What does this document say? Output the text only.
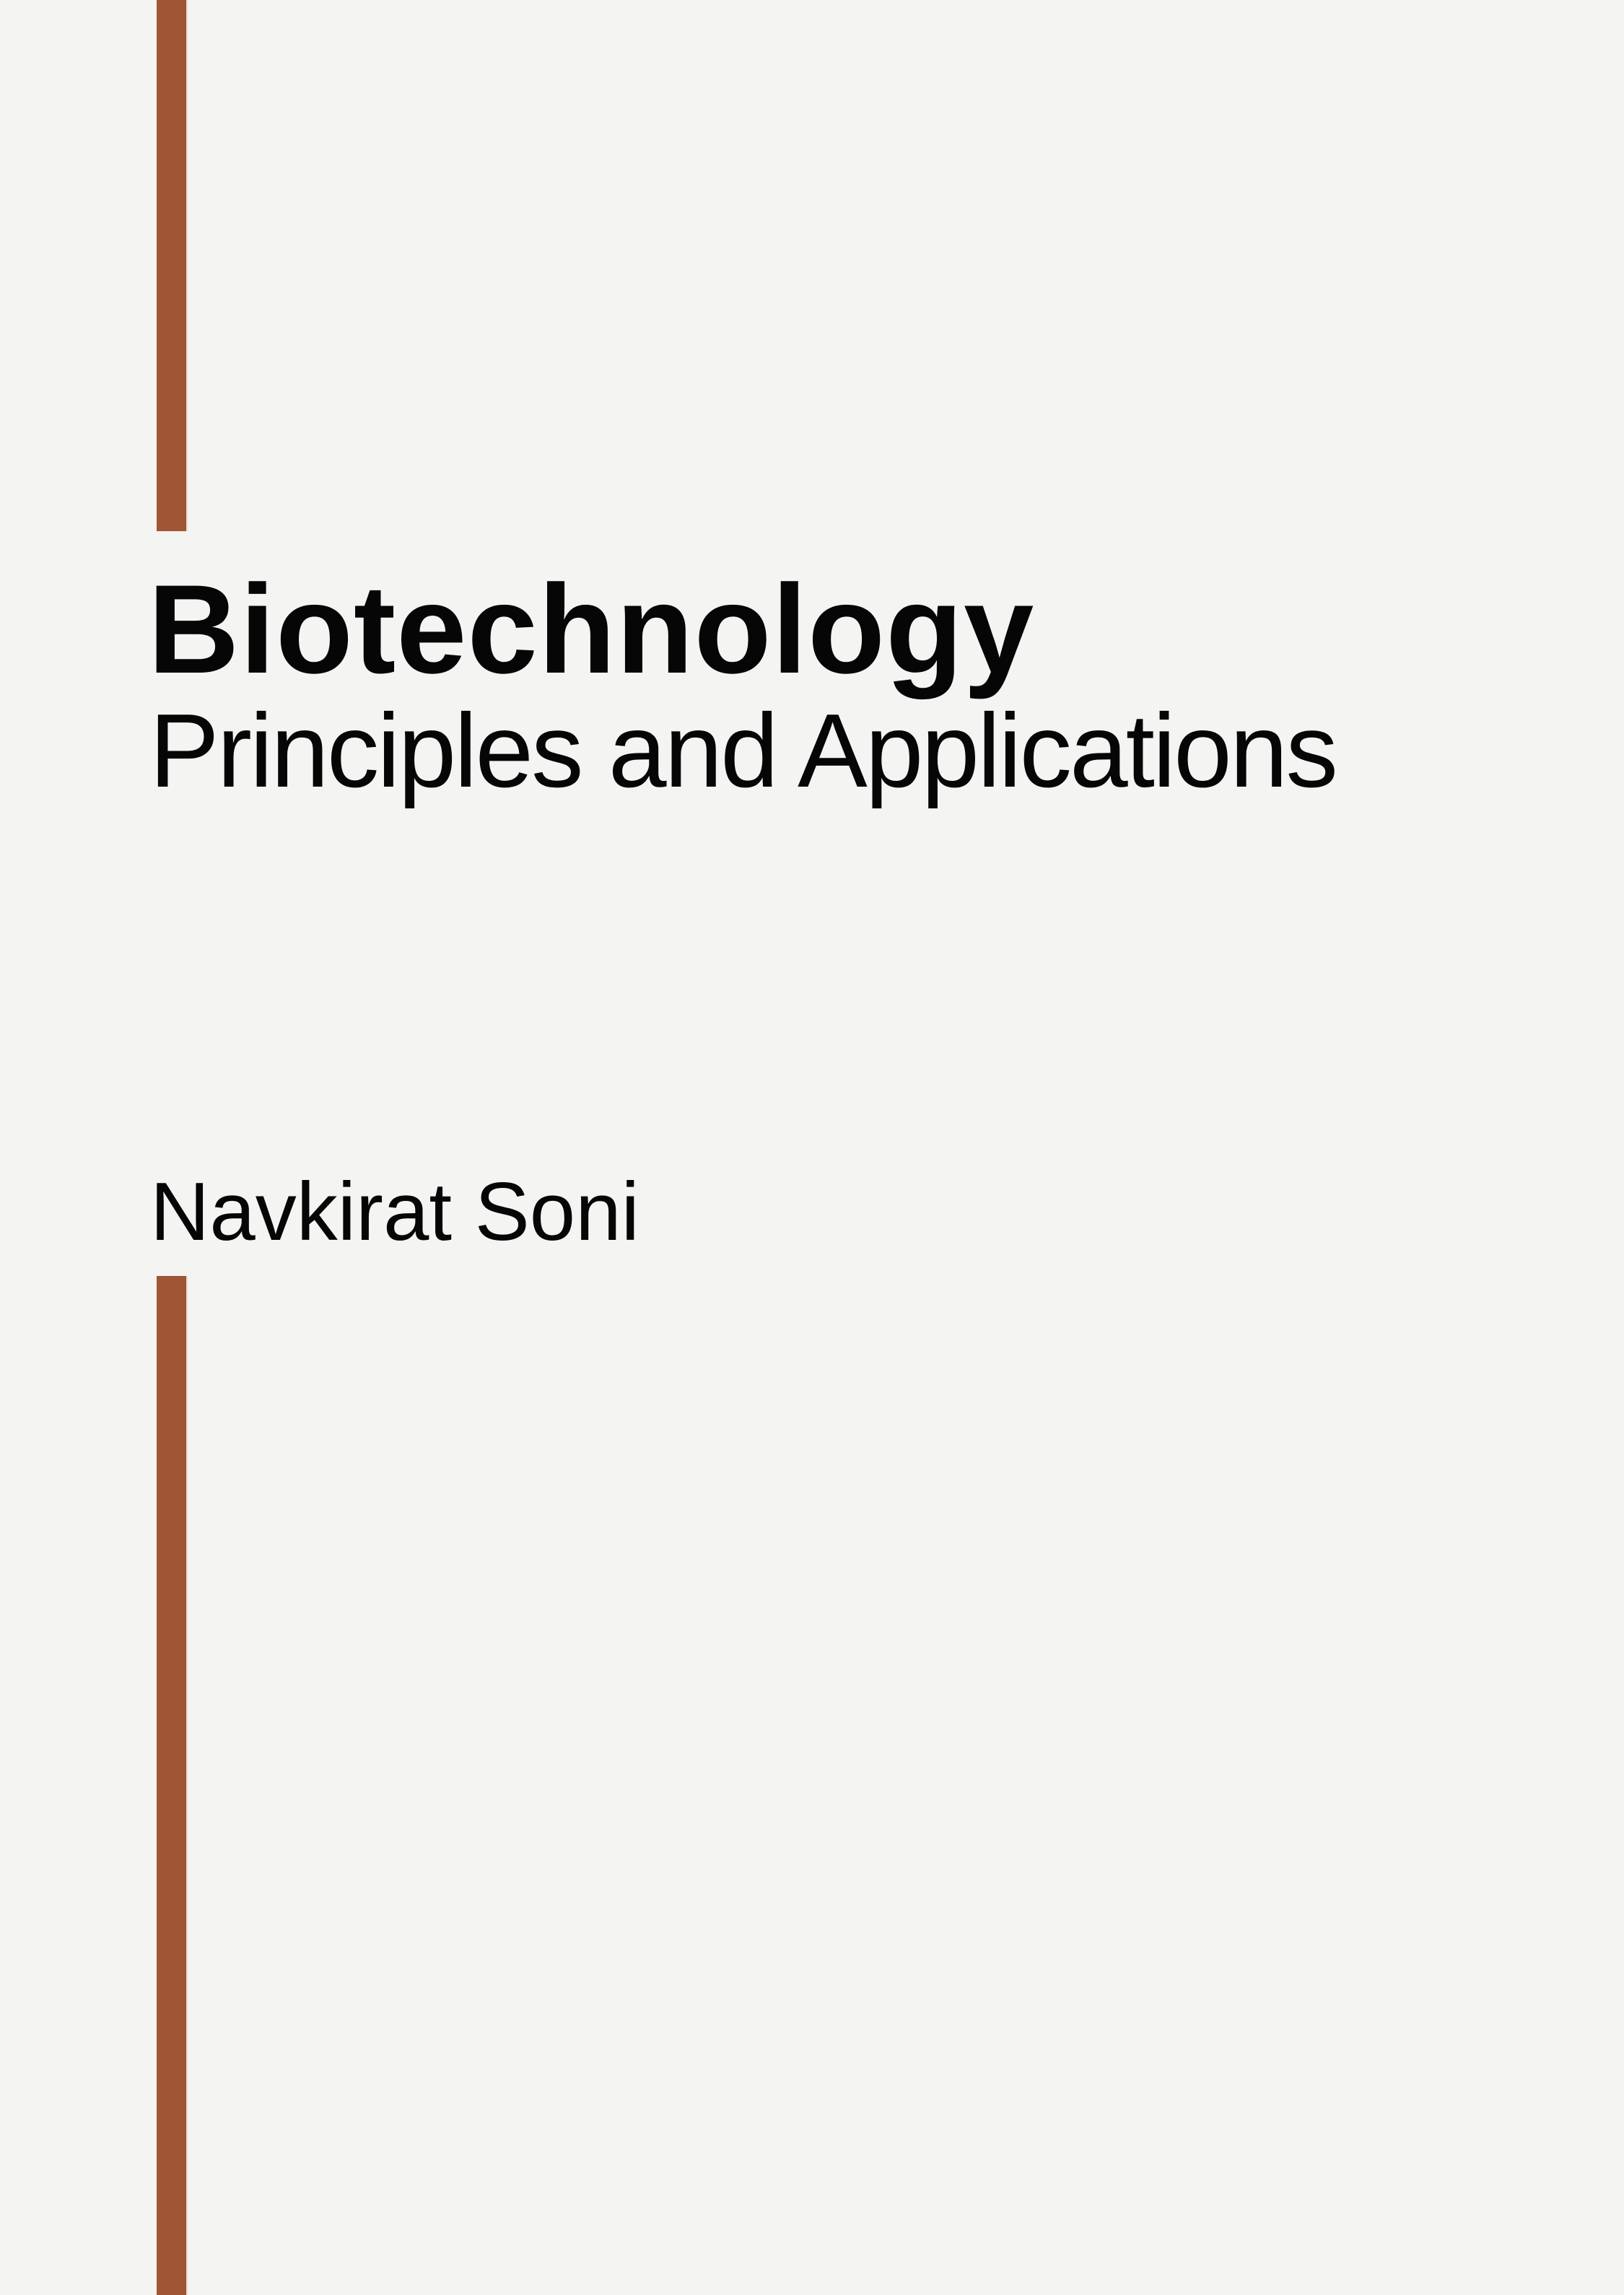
Biotechnology
Principles and Applications
Navkirat Soni
